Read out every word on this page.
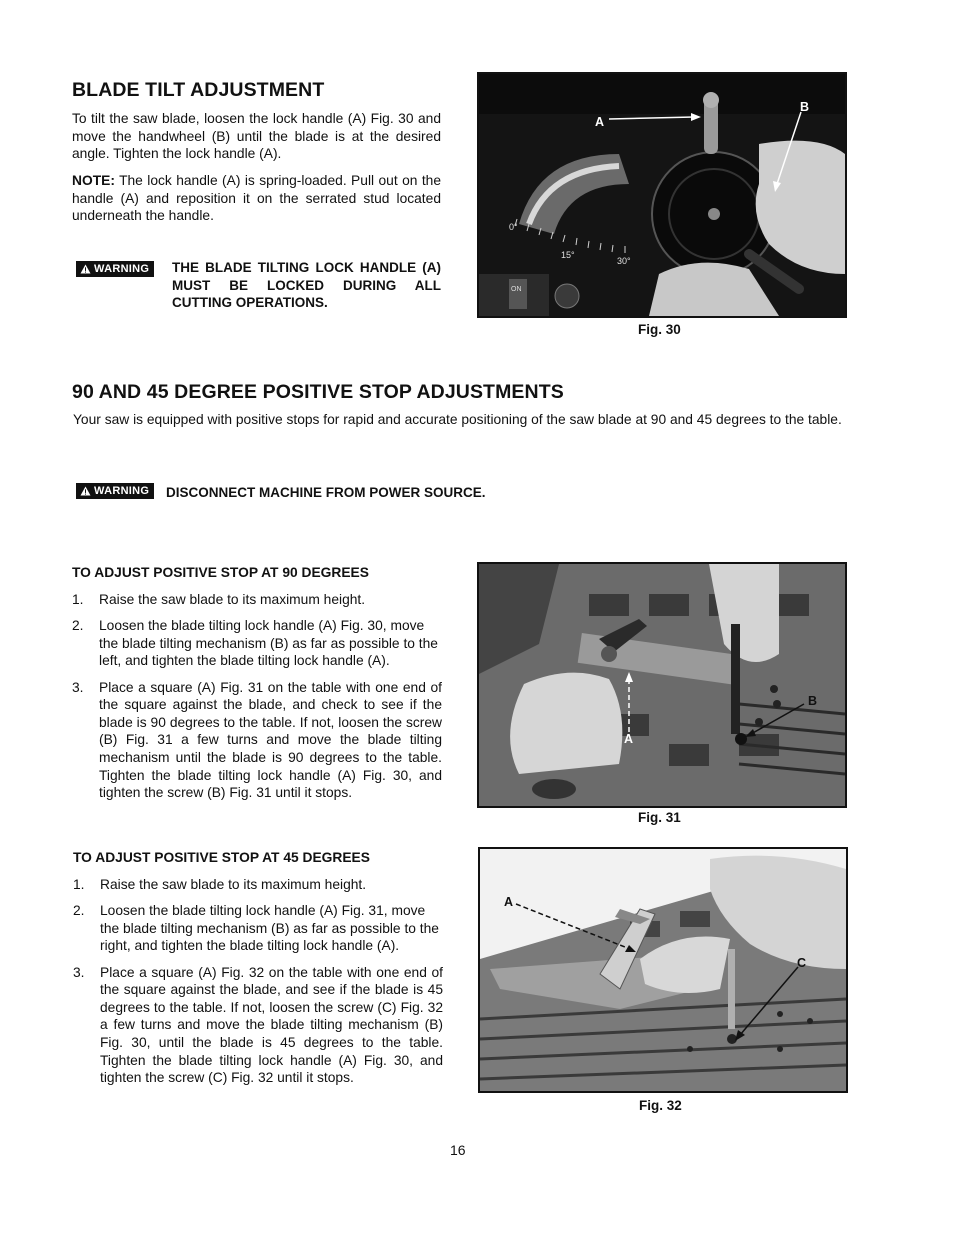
BLADE TILT ADJUSTMENT

To tilt the saw blade, loosen the lock handle (A) Fig. 30 and move the handwheel (B) until the blade is at the desired angle. Tighten the lock handle (A).

NOTE: The lock handle (A) is spring-loaded. Pull out on the handle (A) and reposition it on the serrated stud located underneath the handle.

WARNING THE BLADE TILTING LOCK HANDLE (A) MUST BE LOCKED DURING ALL CUTTING OPERATIONS.

0°
15°
30°
ON
A
B
Fig. 30
90 AND 45 DEGREE POSITIVE STOP ADJUSTMENTS

Your saw is equipped with positive stops for rapid and accurate positioning of the saw blade at 90 and 45 degrees to the table.

WARNING DISCONNECT MACHINE FROM POWER SOURCE.

TO ADJUST POSITIVE STOP AT 90 DEGREES

1. Raise the saw blade to its maximum height.
2. Loosen the blade tilting lock handle (A) Fig. 30, move the blade tilting mechanism (B) as far as possible to the left, and tighten the blade tilting lock handle (A).
3. Place a square (A) Fig. 31 on the table with one end of the square against the blade, and check to see if the blade is 90 degrees to the table. If not, loosen the screw (B) Fig. 31 a few turns and move the blade tilting mechanism until the blade is 90 degrees to the table. Tighten the blade tilting lock handle (A) Fig. 30, and tighten the screw (B) Fig. 31 until it stops.
A
B
Fig. 31

TO ADJUST POSITIVE STOP AT 45 DEGREES

1. Raise the saw blade to its maximum height.
2. Loosen the blade tilting lock handle (A) Fig. 31, move the blade tilting mechanism (B) as far as possible to the right, and tighten the blade tilting lock handle (A).
3. Place a square (A) Fig. 32 on the table with one end of the square against the blade, and see if the blade is 45 degrees to the table. If not, loosen the screw (C) Fig. 32 a few turns and move the blade tilting mechanism (B) Fig. 30, until the blade is 45 degrees to the table. Tighten the blade tilting lock handle (A) Fig. 30, and tighten the screw (C) Fig. 32 until it stops.
A
C
Fig. 32
16
